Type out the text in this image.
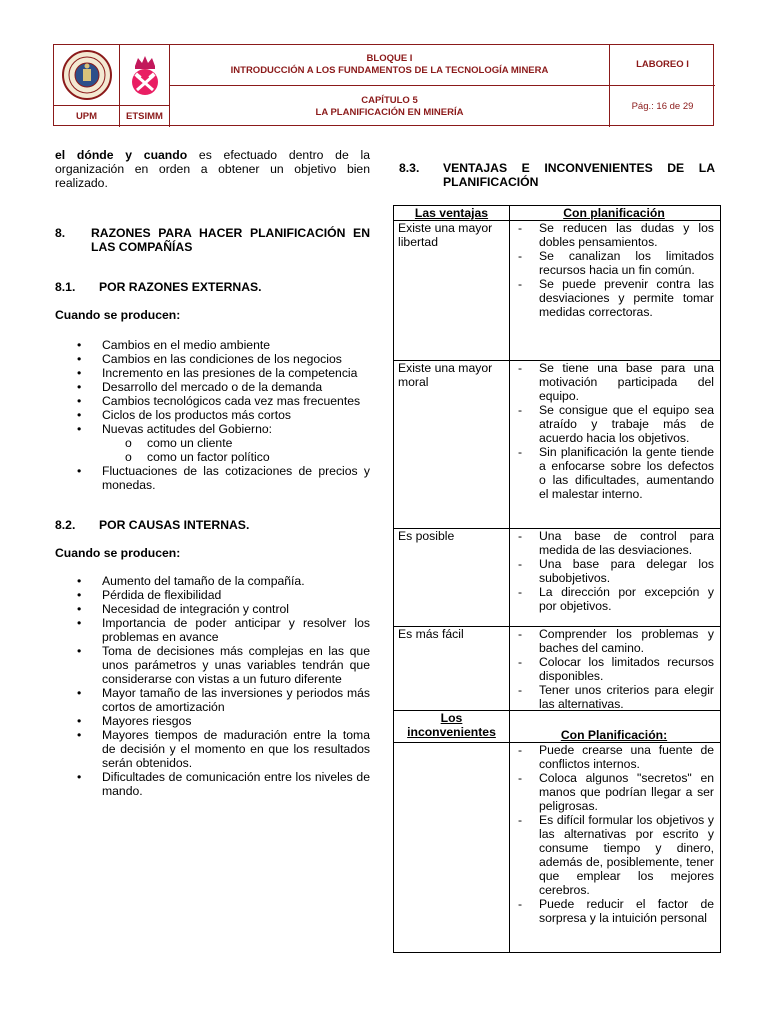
UPM	ETSIMM
BLOQUE I
INTRODUCCIÓN A LOS FUNDAMENTOS DE LA TECNOLOGÍA MINERA
CAPÍTULO 5
LA PLANIFICACIÓN EN MINERÍA
LABOREO I
Pág.: 16 de 29
el dónde y cuando es efectuado dentro de la organización en orden a obtener un objetivo bien realizado.
8.	RAZONES PARA HACER PLANIFICACIÓN EN LAS COMPAÑÍAS
8.1.	POR RAZONES EXTERNAS.
Cuando se producen:
• Cambios en el medio ambiente
• Cambios en las condiciones de los negocios
• Incremento en las presiones de la competencia
• Desarrollo del mercado o de la demanda
• Cambios tecnológicos cada vez mas frecuentes
• Ciclos de los productos más cortos
• Nuevas actitudes del Gobierno:
o como un cliente
o como un factor político
• Fluctuaciones de las cotizaciones de precios y monedas.
8.2.	POR CAUSAS INTERNAS.
Cuando se producen:
• Aumento del tamaño de la compañía.
• Pérdida de flexibilidad
• Necesidad de integración y control
• Importancia de poder anticipar y resolver los problemas en avance
• Toma de decisiones más complejas en las que unos parámetros y unas variables tendrán que considerarse con vistas a un futuro diferente
• Mayor tamaño de las inversiones y periodos más cortos de amortización
• Mayores riesgos
• Mayores tiempos de maduración entre la toma de decisión y el momento en que los resultados serán obtenidos.
• Dificultades de comunicación entre los niveles de mando.
8.3.	VENTAJAS E INCONVENIENTES DE LA PLANIFICACIÓN
Las ventajas	Con planificación
Existe una mayor libertad
- Se reducen las dudas y los dobles pensamientos.
- Se canalizan los limitados recursos hacia un fin común.
- Se puede prevenir contra las desviaciones y permite tomar medidas correctoras.
Existe una mayor moral
- Se tiene una base para una motivación participada del equipo.
- Se consigue que el equipo sea atraído y trabaje más de acuerdo hacia los objetivos.
- Sin planificación la gente tiende a enfocarse sobre los defectos o las dificultades, aumentando el malestar interno.
Es posible	- Una base de control para medida de las desviaciones.
- Una base para delegar los subobjetivos.
- La dirección por excepción y por objetivos.
Es más fácil	- Comprender los problemas y baches del camino.
- Colocar los limitados recursos disponibles.
- Tener unos criterios para elegir las alternativas.
Los inconvenientes	Con Planificación:
- Puede crearse una fuente de conflictos internos.
- Coloca algunos "secretos" en manos que podrían llegar a ser peligrosas.
- Es difícil formular los objetivos y las alternativas por escrito y consume tiempo y dinero, además de, posiblemente, tener que emplear los mejores cerebros.
- Puede reducir el factor de sorpresa y la intuición personal
